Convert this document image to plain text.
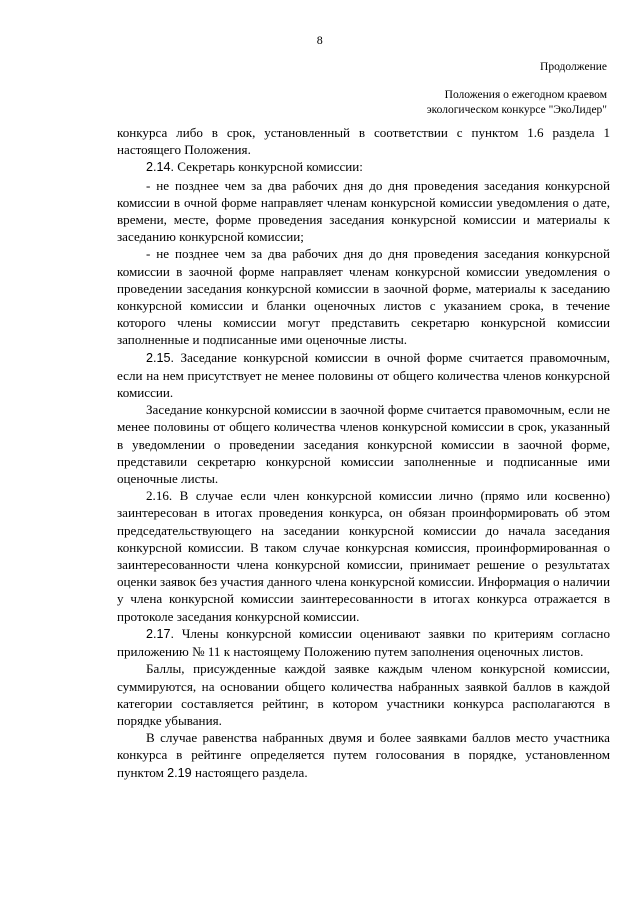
8
Продолжение
Положения о ежегодном краевом
экологическом конкурсе "ЭкоЛидер"

конкурса либо в срок, установленный в соответствии с пунктом 1.6 раздела 1 настоящего Положения.

2.14. Секретарь конкурсной комиссии:

- не позднее чем за два рабочих дня до дня проведения заседания конкурсной комиссии в очной форме направляет членам конкурсной комиссии уведомления о дате, времени, месте, форме проведения заседания конкурсной комиссии и материалы к заседанию конкурсной комиссии;

- не позднее чем за два рабочих дня до дня проведения заседания конкурсной комиссии в заочной форме направляет членам конкурсной комиссии уведомления о проведении заседания конкурсной комиссии в заочной форме, материалы к заседанию конкурсной комиссии и бланки оценочных листов с указанием срока, в течение которого члены комиссии могут представить секретарю конкурсной комиссии заполненные и подписанные ими оценочные листы.

2.15. Заседание конкурсной комиссии в очной форме считается правомочным, если на нем присутствует не менее половины от общего количества членов конкурсной комиссии.

Заседание конкурсной комиссии в заочной форме считается правомочным, если не менее половины от общего количества членов конкурсной комиссии в срок, указанный в уведомлении о проведении заседания конкурсной комиссии в заочной форме, представили секретарю конкурсной комиссии заполненные и подписанные ими оценочные листы.

2.16. В случае если член конкурсной комиссии лично (прямо или косвенно) заинтересован в итогах проведения конкурса, он обязан проинформировать об этом председательствующего на заседании конкурсной комиссии до начала заседания конкурсной комиссии. В таком случае конкурсная комиссия, проинформированная о заинтересованности члена конкурсной комиссии, принимает решение о результатах оценки заявок без участия данного члена конкурсной комиссии. Информация о наличии у члена конкурсной комиссии заинтересованности в итогах конкурса отражается в протоколе заседания конкурсной комиссии.

2.17. Члены конкурсной комиссии оценивают заявки по критериям согласно приложению № 11 к настоящему Положению путем заполнения оценочных листов.

Баллы, присужденные каждой заявке каждым членом конкурсной комиссии, суммируются, на основании общего количества набранных заявкой баллов в каждой категории составляется рейтинг, в котором участники конкурса располагаются в порядке убывания.

В случае равенства набранных двумя и более заявками баллов место участника конкурса в рейтинге определяется путем голосования в порядке, установленном пунктом 2.19 настоящего раздела.
